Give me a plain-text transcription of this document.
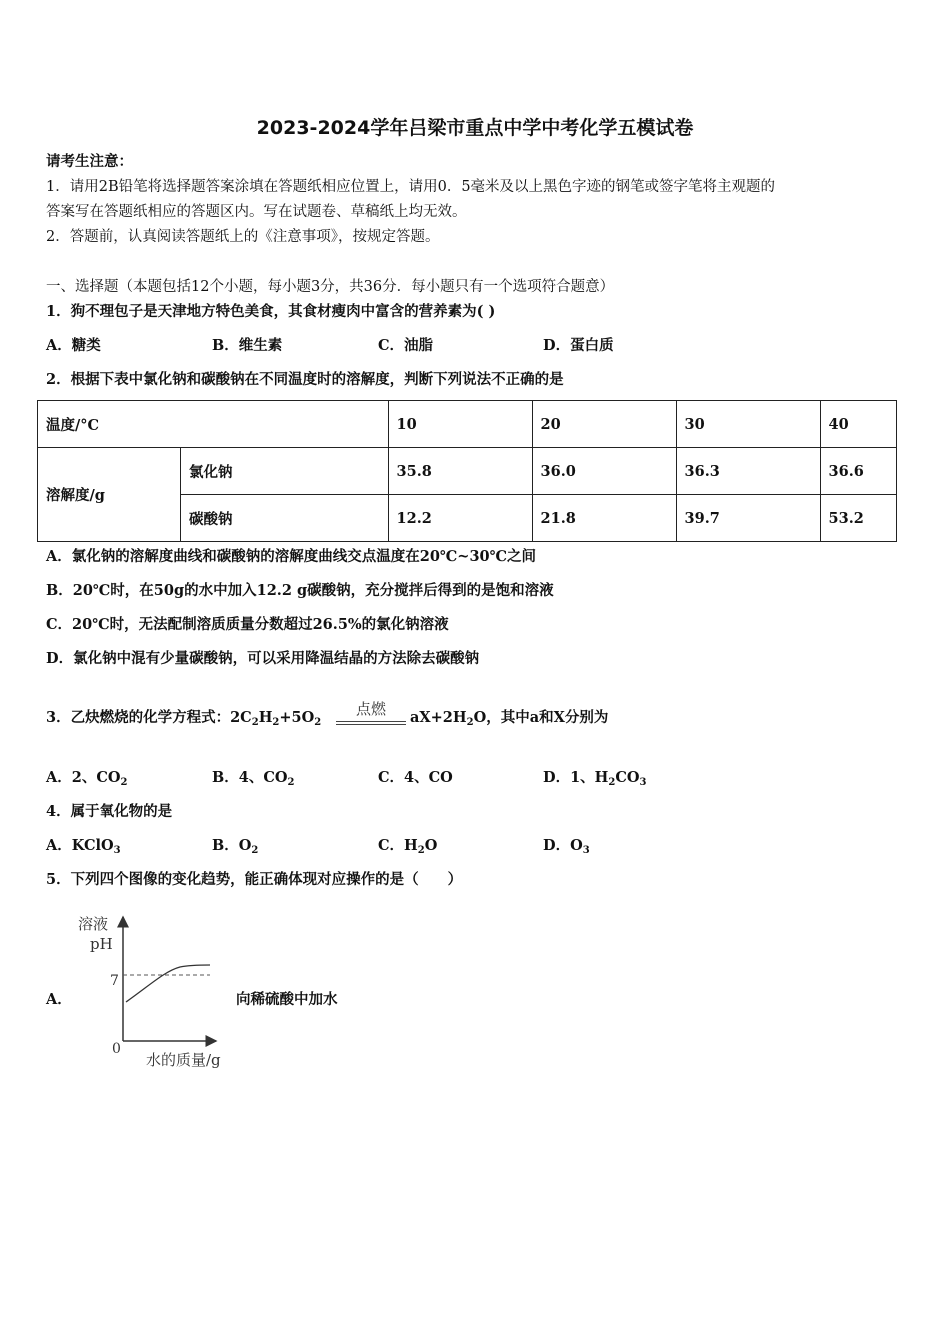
2023-2024学年吕梁市重点中学中考化学五模试卷
请考生注意：
1．请用2B铅笔将选择题答案涂填在答题纸相应位置上，请用0．5毫米及以上黑色字迹的钢笔或签字笔将主观题的
答案写在答题纸相应的答题区内。写在试题卷、草稿纸上均无效。
2．答题前，认真阅读答题纸上的《注意事项》，按规定答题。
一、选择题（本题包括12个小题，每小题3分，共36分．每小题只有一个选项符合题意）
1．狗不理包子是天津地方特色美食，其食材瘦肉中富含的营养素为( )
A．糖类	B．维生素	C．油脂	D．蛋白质
2．根据下表中氯化钠和碳酸钠在不同温度时的溶解度，判断下列说法不正确的是
温度/°C		10	20	30	40
溶解度/g	氯化钠	35.8	36.0	36.3	36.6
	碳酸钠	12.2	21.8	39.7	53.2
A．氯化钠的溶解度曲线和碳酸钠的溶解度曲线交点温度在20℃~30℃之间
B．20℃时，在50g的水中加入12.2 g碳酸钠，充分搅拌后得到的是饱和溶液
C．20℃时，无法配制溶质质量分数超过26.5%的氯化钠溶液
D．氯化钠中混有少量碳酸钠，可以采用降温结晶的方法除去碳酸钠
3．乙炔燃烧的化学方程式：$2C_2H_2+5O_2$
点燃	$aX+2H_2O$，其中a和X分别为
A．2、$CO_2$	B．4、$CO_2$	C．4、CO	D．1、$H_2CO_3$
4．属于氧化物的是
A．KClO$_3$	B．$O_2$	C．$H_2O$	D．$O_3$
5．下列四个图像的变化趋势，能正确体现对应操作的是（　　）
A．
溶液
pH
7
0
水的质量/g
向稀硫酸中加水
